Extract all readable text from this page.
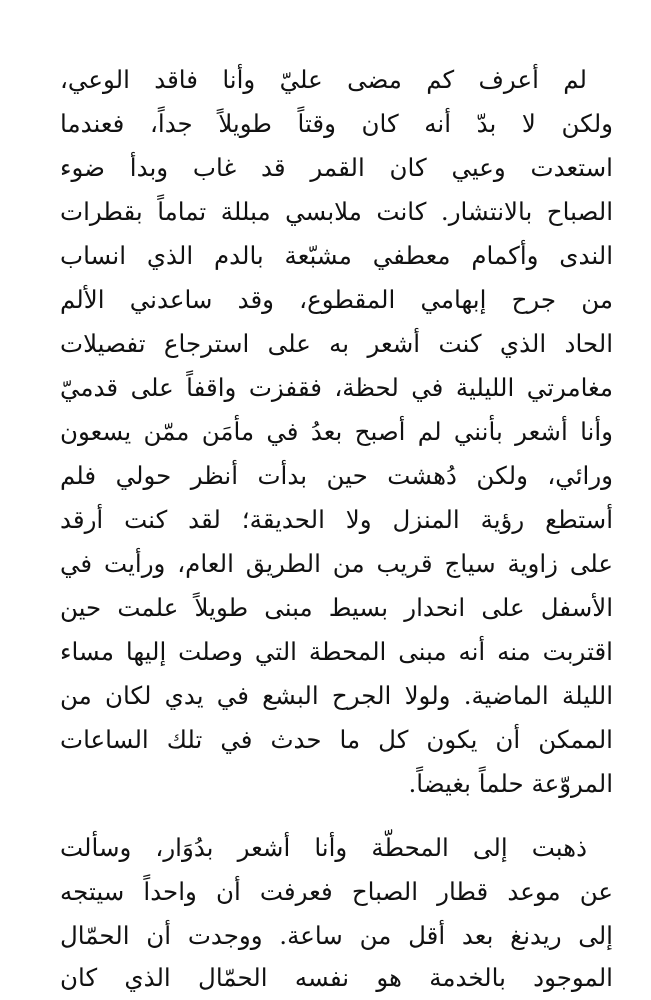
لم أعرف كم مضى عليّ وأنا فاقد الوعي،
ولكن لا بدّ أنه كان وقتاً طويلاً جداً، فعندما
استعدت وعيي كان القمر قد غاب وبدأ ضوء
الصباح بالانتشار. كانت ملابسي مبللة تماماً بقطرات
الندى وأكمام معطفي مشبّعة بالدم الذي انساب
من جرح إبهامي المقطوع، وقد ساعدني الألم
الحاد الذي كنت أشعر به على استرجاع تفصيلات
مغامرتي الليلية في لحظة، فقفزت واقفاً على قدميّ
وأنا أشعر بأنني لم أصبح بعدُ في مأمَن ممّن يسعون
ورائي، ولكن دُهشت حين بدأت أنظر حولي فلم
أستطع رؤية المنزل ولا الحديقة؛ لقد كنت أرقد
على زاوية سياج قريب من الطريق العام، ورأيت في
الأسفل على انحدار بسيط مبنى طويلاً علمت حين
اقتربت منه أنه مبنى المحطة التي وصلت إليها مساء
الليلة الماضية. ولولا الجرح البشع في يدي لكان من
الممكن أن يكون كل ما حدث في تلك الساعات
المروّعة حلماً بغيضاً.
ذهبت إلى المحطّة وأنا أشعر بدُوَار، وسألت
عن موعد قطار الصباح فعرفت أن واحداً سيتجه
إلى ريدنغ بعد أقل من ساعة. ووجدت أن الحمّال
الموجود بالخدمة هو نفسه الحمّال الذي كان
